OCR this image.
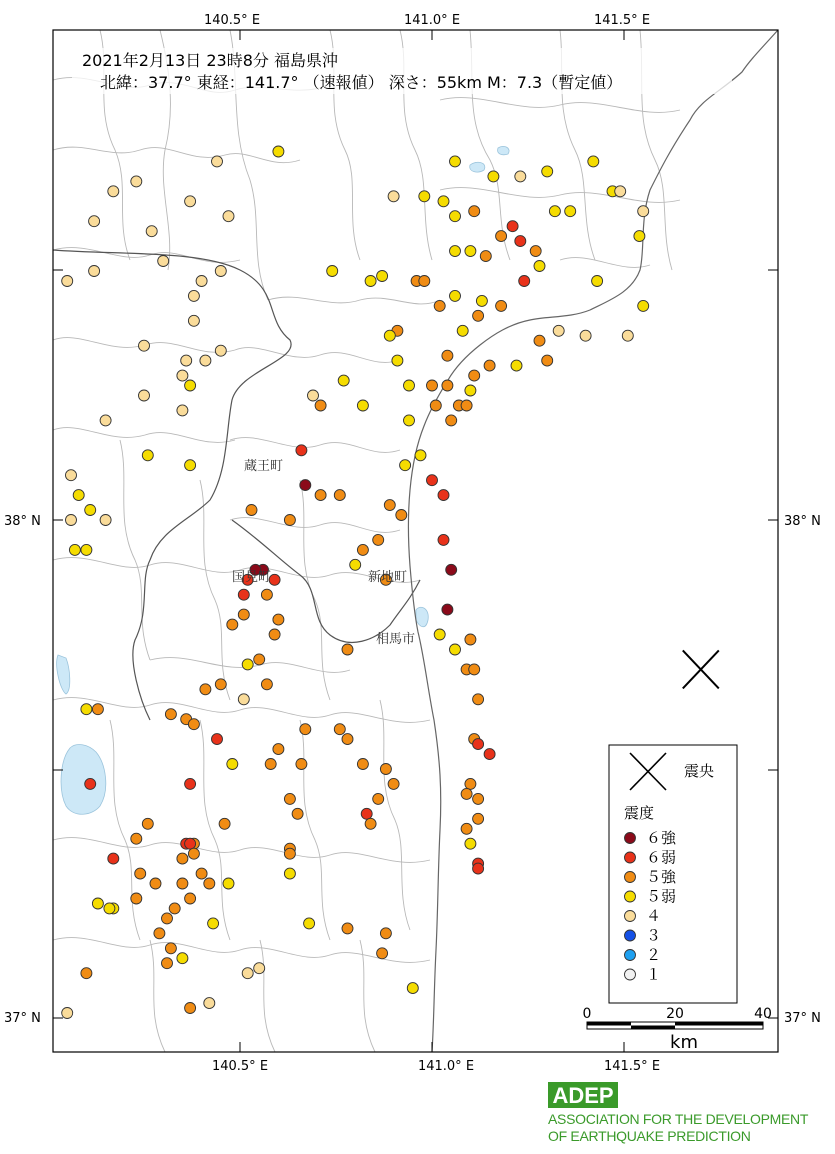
140.5° E	141.0° E	141.5° E
140.5° E	141.0° E	141.5° E
38° N
37° N
38° N
37° N
2021年2月13日 23時8分 福島県沖
北緯：37.7° 東経：141.7° （速報値） 深さ：55km M：7.3（暫定値）
蔵王町
国見町	新地町
相馬市
震央
震度
６強
６弱
５強
５弱
４
３
２
１
0	20	40
km
ADEP
ASSOCIATION FOR THE DEVELOPMENT
OF EARTHQUAKE PREDICTION
